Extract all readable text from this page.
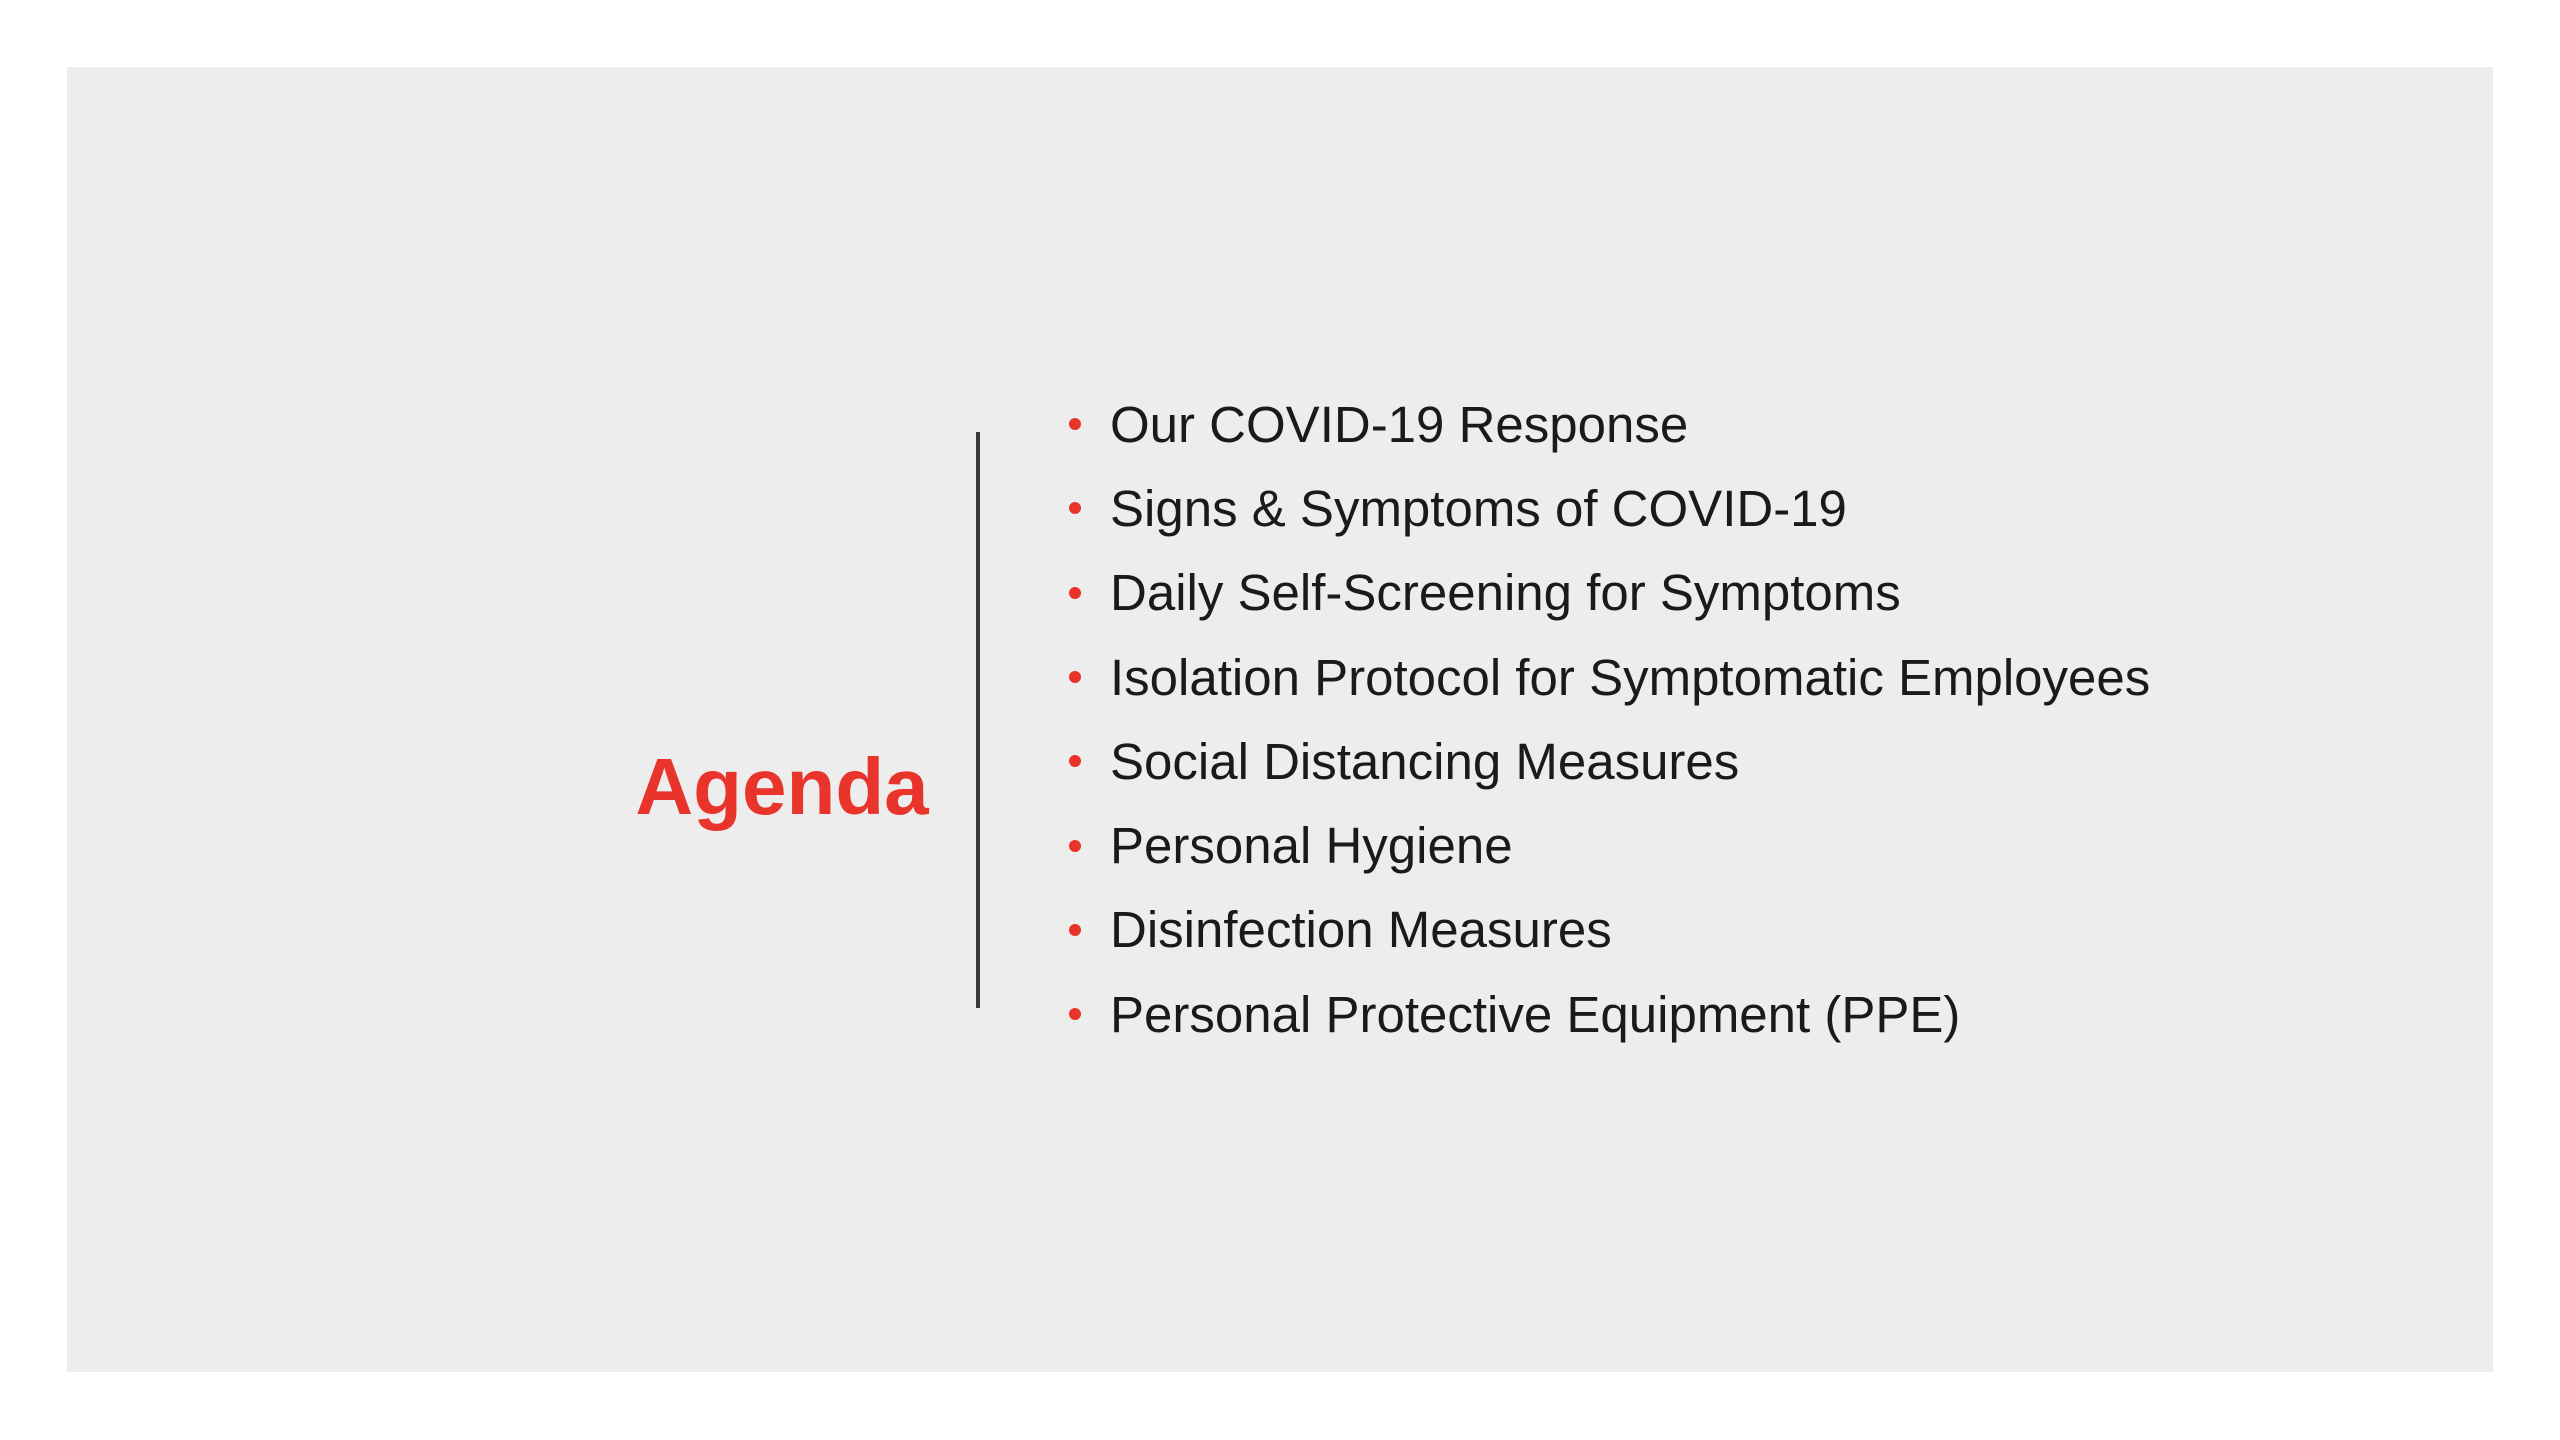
Agenda
Our COVID-19 Response
Signs & Symptoms of COVID-19
Daily Self-Screening for Symptoms
Isolation Protocol for Symptomatic Employees
Social Distancing Measures
Personal Hygiene
Disinfection Measures
Personal Protective Equipment (PPE)
